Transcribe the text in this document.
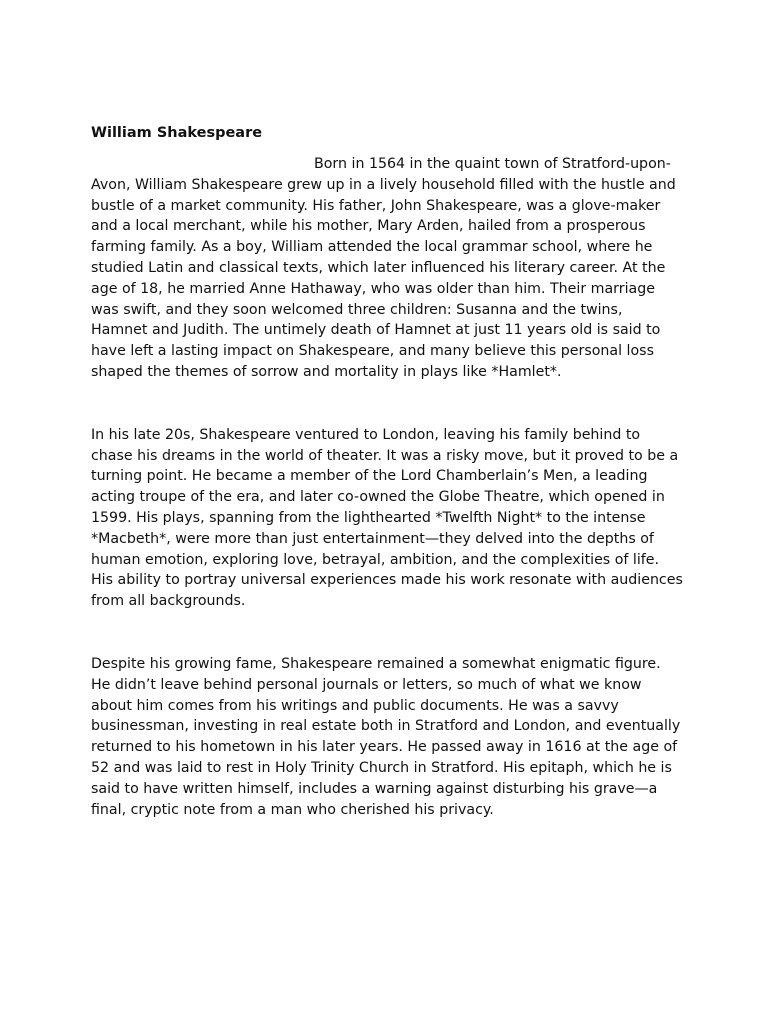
William Shakespeare

Born in 1564 in the quaint town of Stratford-upon-Avon, William Shakespeare grew up in a lively household filled with the hustle and bustle of a market community. His father, John Shakespeare, was a glove-maker and a local merchant, while his mother, Mary Arden, hailed from a prosperous farming family. As a boy, William attended the local grammar school, where he studied Latin and classical texts, which later influenced his literary career. At the age of 18, he married Anne Hathaway, who was older than him. Their marriage was swift, and they soon welcomed three children: Susanna and the twins, Hamnet and Judith. The untimely death of Hamnet at just 11 years old is said to have left a lasting impact on Shakespeare, and many believe this personal loss shaped the themes of sorrow and mortality in plays like *Hamlet*.

In his late 20s, Shakespeare ventured to London, leaving his family behind to chase his dreams in the world of theater. It was a risky move, but it proved to be a turning point. He became a member of the Lord Chamberlain’s Men, a leading acting troupe of the era, and later co-owned the Globe Theatre, which opened in 1599. His plays, spanning from the lighthearted *Twelfth Night* to the intense *Macbeth*, were more than just entertainment—they delved into the depths of human emotion, exploring love, betrayal, ambition, and the complexities of life. His ability to portray universal experiences made his work resonate with audiences from all backgrounds.

Despite his growing fame, Shakespeare remained a somewhat enigmatic figure. He didn’t leave behind personal journals or letters, so much of what we know about him comes from his writings and public documents. He was a savvy businessman, investing in real estate both in Stratford and London, and eventually returned to his hometown in his later years. He passed away in 1616 at the age of 52 and was laid to rest in Holy Trinity Church in Stratford. His epitaph, which he is said to have written himself, includes a warning against disturbing his grave—a final, cryptic note from a man who cherished his privacy.
